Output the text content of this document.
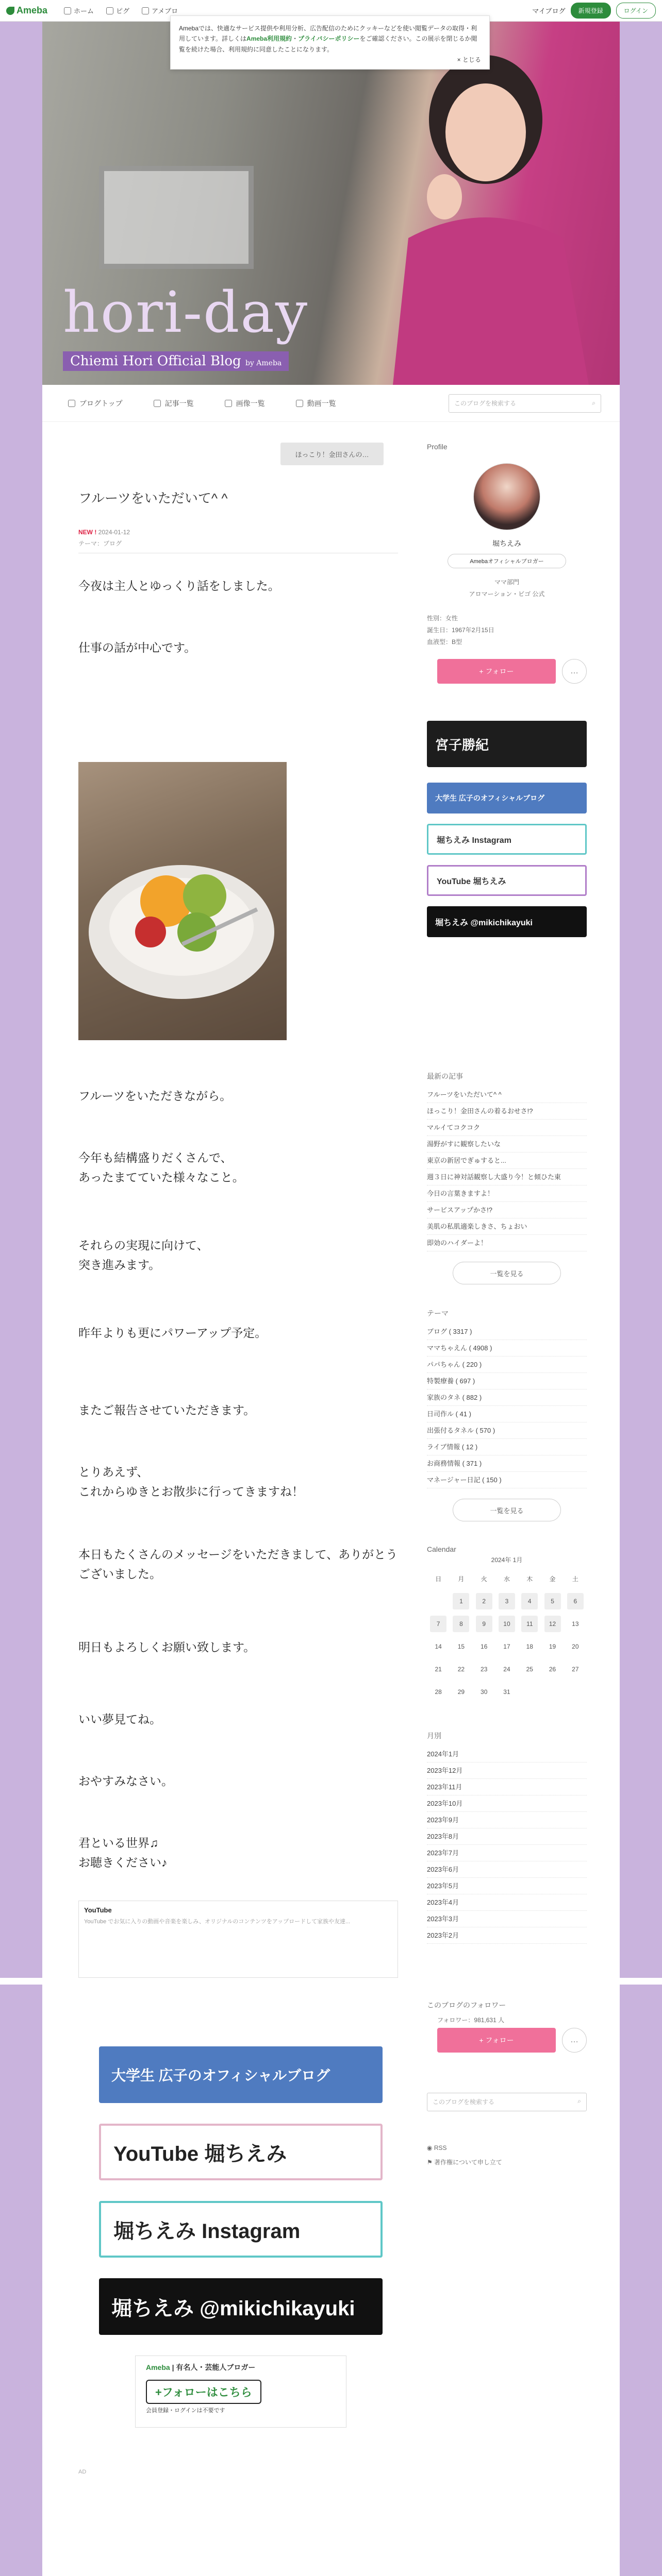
Ameba	ホーム	ピグ	アメブロ	マイブログ	新規登録	ログイン
Amebaでは、快適なサービス提供や利用分析、広告配信のためにクッキーなどを使い閲覧データの取得・利用しています。詳しくはAmeba利用規約・プライバシーポリシーをご確認ください。この展示を閉じるか閲覧を続けた場合、利用規約に同意したことになります。
× とじる
hori-day
Chiemi Hori Official Blog by Ameba
ブログトップ	記事一覧	画像一覧	動画一覧	このブログを検索する	⌕
ほっこり！金田さんの…
フルーツをいただいて^ ^
NEW ! 2024-01-12
テーマ：ブログ
今夜は主人とゆっくり話をしました。
仕事の話が中心です。
フルーツをいただきながら。
今年も結構盛りだくさんで、
あったまてていた様々なこと。
それらの実現に向けて、
突き進みます。
昨年よりも更にパワーアップ予定。
またご報告させていただきます。
とりあえず、
これからゆきとお散歩に行ってきますね！
本日もたくさんのメッセージをいただきまして、ありがとうございました。
明日もよろしくお願い致します。
いい夢見てね。
おやすみなさい。
君といる世界♫
お聴きください♪
YouTube
YouTube でお気に入りの動画や音楽を楽しみ、オリジナルのコンテンツをアップロードして家族や友達...
Profile
堀ちえみ
Amebaオフィシャルブロガー
ママ部門
アロマーション・ビゴ 公式
性別：女性
誕生日：1967年2月15日
血液型：B型
+ フォロー	…
宮子勝紀
大学生 広子のオフィシャルブログ
堀ちえみ Instagram
YouTube 堀ちえみ
堀ちえみ @mikichikayuki
最新の記事
フルーツをいただいて^ ^
ほっこり！金田さんの着るおせさ!?
マルイてコクコク
湯野がすに観察したいな
東京の新居でぎゅすると...
週３日に神対話観察し大盛り今！と傾ひた東
今日の言葉きますよ！
サービスアップかさ!?
美肌の私肌適楽しきさ、ちょおい
即効のハイダーよ！
一覧を見る
テーマ
ブログ ( 3317 )
ママちゃえん ( 4908 )
パパちゃん ( 220 )
特製療養 ( 697 )
家族のタネ ( 882 )
日司作ル ( 41 )
出張付るタネル ( 570 )
ライブ情報 ( 12 )
お商務情報 ( 371 )
マネージャー日記 ( 150 )
一覧を見る
Calendar
2024年 1月
日	月	火	水	木	金	土
	1	2	3	4	5	6
7	8	9	10	11	12	13
14	15	16	17	18	19	20
21	22	23	24	25	26	27
28	29	30	31			
月別
2024年1月
2023年12月
2023年11月
2023年10月
2023年9月
2023年8月
2023年7月
2023年6月
2023年5月
2023年4月
2023年3月
2023年2月
大学生 広子のオフィシャルブログ
YouTube 堀ちえみ
堀ちえみ Instagram
堀ちえみ @mikichikayuki
Ameba | 有名人・芸能人ブロガー
+フォローはこちら
会員登録・ログインは不要です
AD
このブログのフォロワー
フォロワー：981,631 人
+ フォロー	…
このブログを検索する	⌕
◉ RSS
⚑ 著作権について申し立て
